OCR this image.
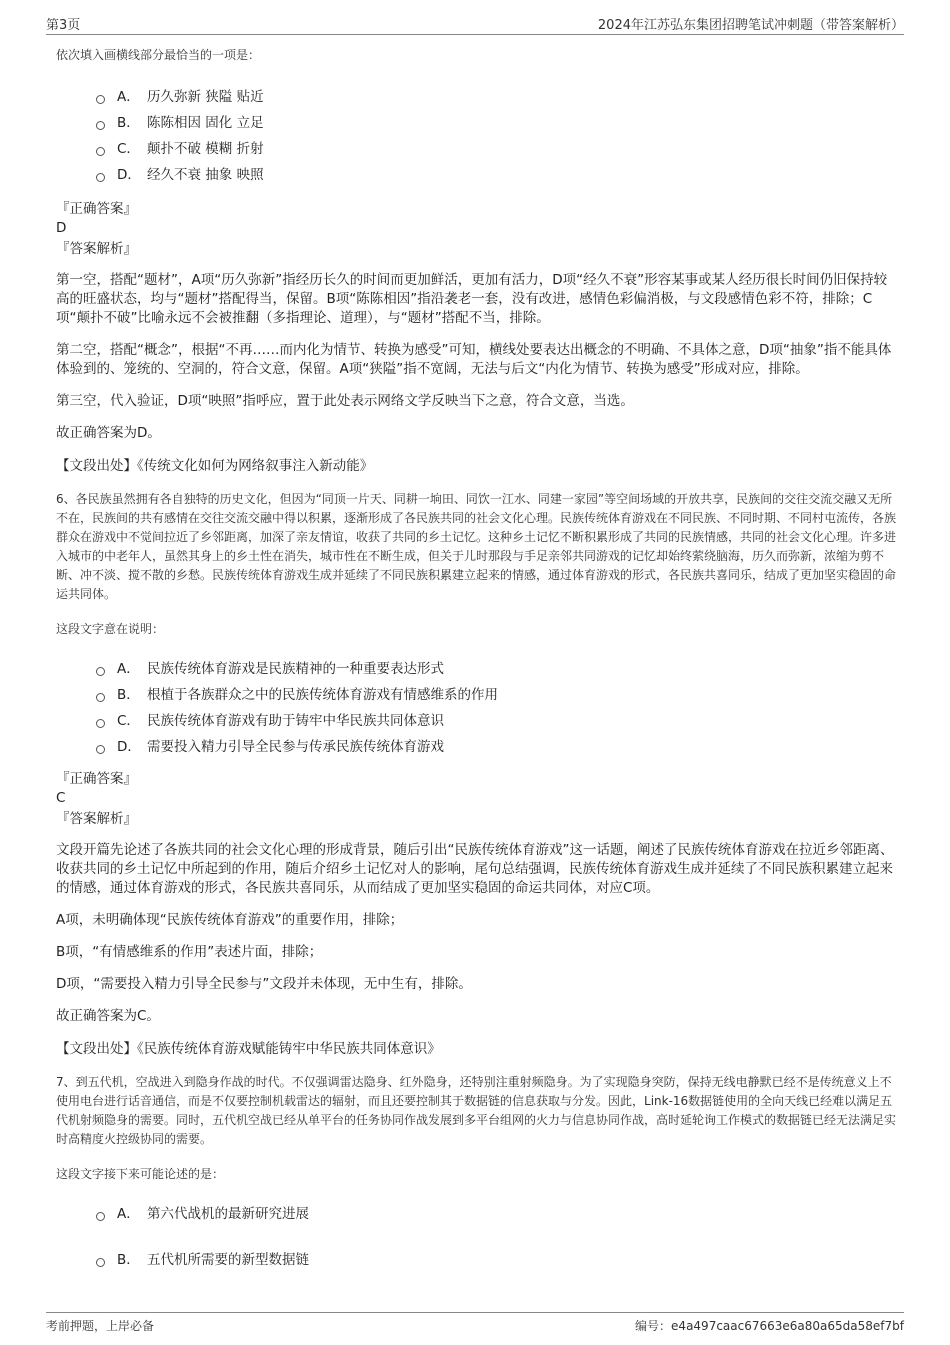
第3页	2024年江苏弘东集团招聘笔试冲刺题（带答案解析）

依次填入画横线部分最恰当的一项是：

A． 历久弥新 狭隘 贴近
B． 陈陈相因 固化 立足
C． 颠扑不破 模糊 折射
D． 经久不衰 抽象 映照

『正确答案』

D

『答案解析』

第一空，搭配“题材”，A项“历久弥新”指经历长久的时间而更加鲜活，更加有活力，D项“经久不衰”形容某事或某人经历很长时间仍旧保持较高的旺盛状态，均与“题材”搭配得当，保留。B项“陈陈相因”指沿袭老一套，没有改进，感情色彩偏消极，与文段感情色彩不符，排除；C项“颠扑不破”比喻永远不会被推翻（多指理论、道理），与“题材”搭配不当，排除。

第二空，搭配“概念”，根据“不再……而内化为情节、转换为感受”可知，横线处要表达出概念的不明确、不具体之意，D项“抽象”指不能具体体验到的、笼统的、空洞的，符合文意，保留。A项“狭隘”指不宽阔，无法与后文“内化为情节、转换为感受”形成对应，排除。

第三空，代入验证，D项“映照”指呼应，置于此处表示网络文学反映当下之意，符合文意，当选。

故正确答案为D。

【文段出处】《传统文化如何为网络叙事注入新动能》

6、各民族虽然拥有各自独特的历史文化，但因为“同顶一片天、同耕一垧田、同饮一江水、同建一家园”等空间场域的开放共享，民族间的交往交流交融又无所不在，民族间的共有感情在交往交流交融中得以积累，逐渐形成了各民族共同的社会文化心理。民族传统体育游戏在不同民族、不同时期、不同村屯流传，各族群众在游戏中不觉间拉近了乡邻距离，加深了亲友情谊，收获了共同的乡土记忆。这种乡土记忆不断积累形成了共同的民族情感，共同的社会文化心理。许多进入城市的中老年人，虽然其身上的乡土性在消失，城市性在不断生成，但关于儿时那段与手足亲邻共同游戏的记忆却始终萦绕脑海，历久而弥新，浓缩为剪不断、冲不淡、搅不散的乡愁。民族传统体育游戏生成并延续了不同民族积累建立起来的情感，通过体育游戏的形式，各民族共喜同乐，结成了更加坚实稳固的命运共同体。

这段文字意在说明：

A． 民族传统体育游戏是民族精神的一种重要表达形式
B． 根植于各族群众之中的民族传统体育游戏有情感维系的作用
C． 民族传统体育游戏有助于铸牢中华民族共同体意识
D． 需要投入精力引导全民参与传承民族传统体育游戏

『正确答案』

C

『答案解析』

文段开篇先论述了各族共同的社会文化心理的形成背景，随后引出“民族传统体育游戏”这一话题，阐述了民族传统体育游戏在拉近乡邻距离、收获共同的乡土记忆中所起到的作用，随后介绍乡土记忆对人的影响，尾句总结强调，民族传统体育游戏生成并延续了不同民族积累建立起来的情感，通过体育游戏的形式，各民族共喜同乐，从而结成了更加坚实稳固的命运共同体，对应C项。

A项，未明确体现“民族传统体育游戏”的重要作用，排除；

B项，“有情感维系的作用”表述片面，排除；

D项，“需要投入精力引导全民参与”文段并未体现，无中生有，排除。

故正确答案为C。

【文段出处】《民族传统体育游戏赋能铸牢中华民族共同体意识》

7、到五代机，空战进入到隐身作战的时代。不仅强调雷达隐身、红外隐身，还特别注重射频隐身。为了实现隐身突防，保持无线电静默已经不是传统意义上不使用电台进行话音通信，而是不仅要控制机载雷达的辐射，而且还要控制其于数据链的信息获取与分发。因此，Link-16数据链使用的全向天线已经难以满足五代机射频隐身的需要。同时，五代机空战已经从单平台的任务协同作战发展到多平台组网的火力与信息协同作战，高时延轮询工作模式的数据链已经无法满足实时高精度火控级协同的需要。

这段文字接下来可能论述的是：

A． 第六代战机的最新研究进展
B． 五代机所需要的新型数据链
考前押题，上岸必备	编号：e4a497caac67663e6a80a65da58ef7bf
